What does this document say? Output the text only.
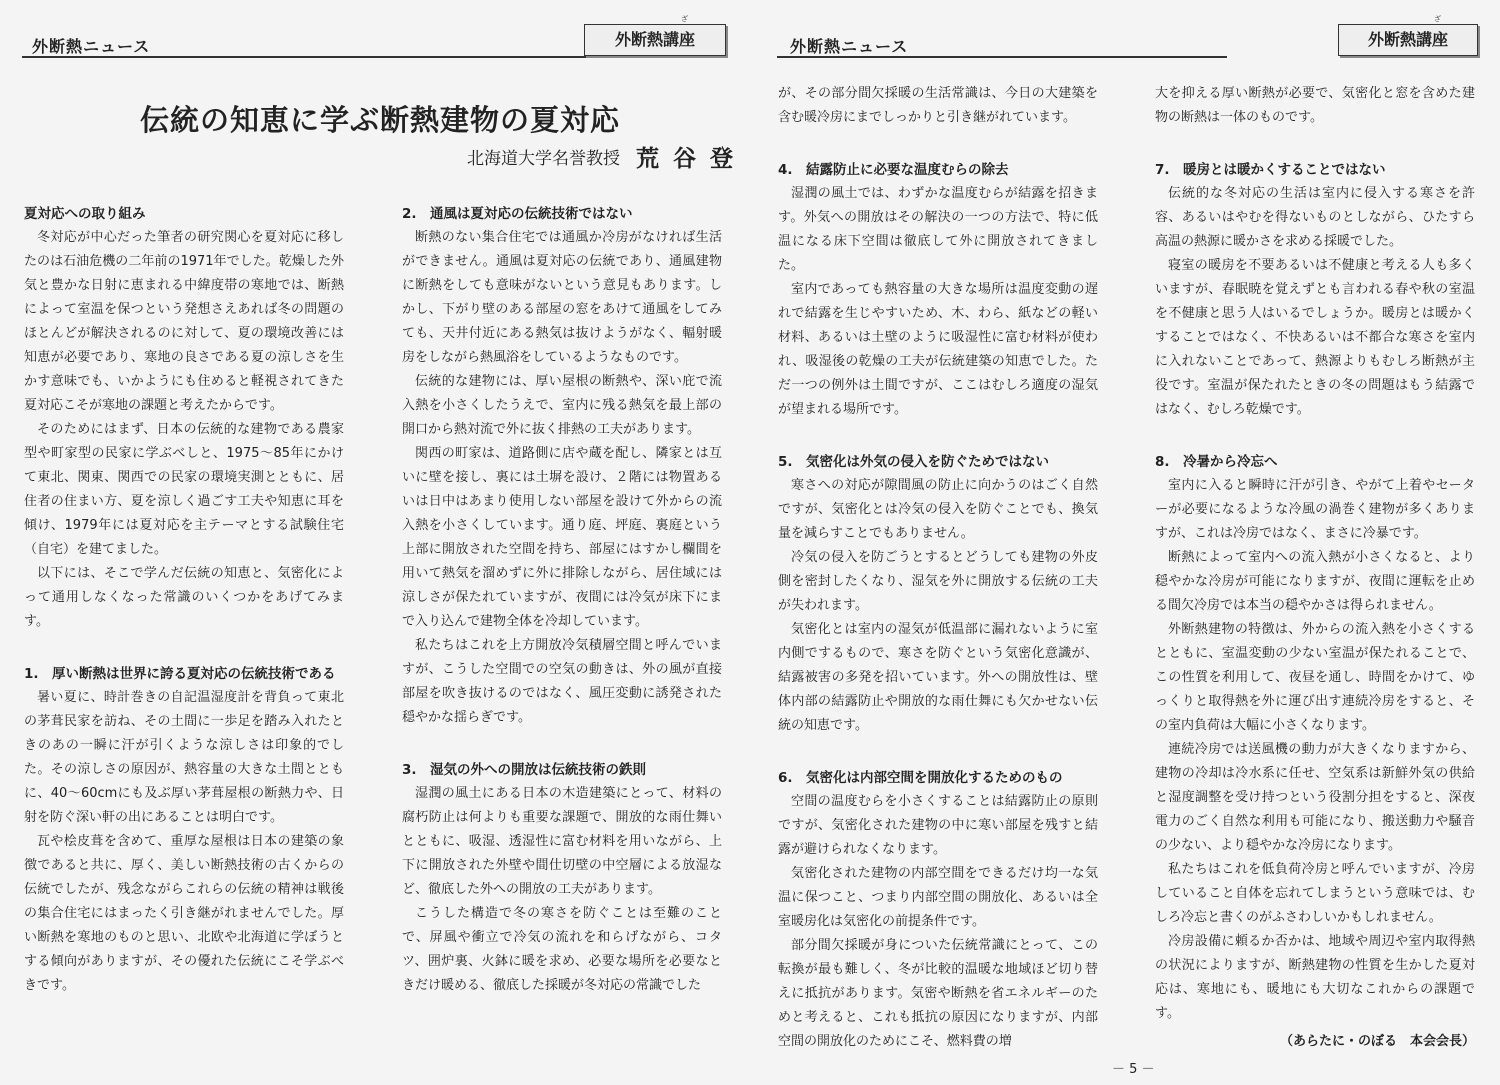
外断熱ニュース	外断熱講座
ざ
伝統の知恵に学ぶ断熱建物の夏対応
北海道大学名誉教授 荒谷登
夏対応への取り組み

冬対応が中心だった筆者の研究関心を夏対応に移したのは石油危機の二年前の1971年でした。乾燥した外気と豊かな日射に恵まれる中緯度帯の寒地では、断熱によって室温を保つという発想さえあれば冬の問題のほとんどが解決されるのに対して、夏の環境改善には知恵が必要であり、寒地の良さである夏の涼しさを生かす意味でも、いかようにも住めると軽視されてきた夏対応こそが寒地の課題と考えたからです。

そのためにはまず、日本の伝統的な建物である農家型や町家型の民家に学ぶべしと、1975～85年にかけて東北、関東、関西での民家の環境実測とともに、居住者の住まい方、夏を涼しく過ごす工夫や知恵に耳を傾け、1979年には夏対応を主テーマとする試験住宅（自宅）を建てました。

以下には、そこで学んだ伝統の知恵と、気密化によって通用しなくなった常識のいくつかをあげてみます。

1.　厚い断熱は世界に誇る夏対応の伝統技術である

暑い夏に、時計巻きの自記温湿度計を背負って東北の茅葺民家を訪ね、その土間に一歩足を踏み入れたときのあの一瞬に汗が引くような涼しさは印象的でした。その涼しさの原因が、熱容量の大きな土間とともに、40～60cmにも及ぶ厚い茅葺屋根の断熱力や、日射を防ぐ深い軒の出にあることは明白です。

瓦や桧皮葺を含めて、重厚な屋根は日本の建築の象徴であると共に、厚く、美しい断熱技術の古くからの伝統でしたが、残念ながらこれらの伝統の精神は戦後の集合住宅にはまったく引き継がれませんでした。厚い断熱を寒地のものと思い、北欧や北海道に学ぼうとする傾向がありますが、その優れた伝統にこそ学ぶべきです。

2.　通風は夏対応の伝統技術ではない

断熱のない集合住宅では通風か冷房がなければ生活ができません。通風は夏対応の伝統であり、通風建物に断熱をしても意味がないという意見もあります。しかし、下がり壁のある部屋の窓をあけて通風をしてみても、天井付近にある熱気は抜けようがなく、輻射暖房をしながら熱風浴をしているようなものです。

伝統的な建物には、厚い屋根の断熱や、深い庇で流入熱を小さくしたうえで、室内に残る熱気を最上部の開口から熱対流で外に抜く排熱の工夫があります。

関西の町家は、道路側に店や蔵を配し、隣家とは互いに壁を接し、裏には土塀を設け、２階には物置あるいは日中はあまり使用しない部屋を設けて外からの流入熱を小さくしています。通り庭、坪庭、裏庭という上部に開放された空間を持ち、部屋にはすかし欄間を用いて熱気を溜めずに外に排除しながら、居住域には涼しさが保たれていますが、夜間には冷気が床下にまで入り込んで建物全体を冷却しています。

私たちはこれを上方開放冷気積層空間と呼んでいますが、こうした空間での空気の動きは、外の風が直接部屋を吹き抜けるのではなく、風圧変動に誘発された穏やかな揺らぎです。

3.　湿気の外への開放は伝統技術の鉄則

湿潤の風土にある日本の木造建築にとって、材料の腐朽防止は何よりも重要な課題で、開放的な雨仕舞いとともに、吸湿、透湿性に富む材料を用いながら、上下に開放された外壁や間仕切壁の中空層による放湿など、徹底した外への開放の工夫があります。

こうした構造で冬の寒さを防ぐことは至難のことで、屏風や衝立で冷気の流れを和らげながら、コタツ、囲炉裏、火鉢に暖を求め、必要な場所を必要なときだけ暖める、徹底した採暖が冬対応の常識でした

外断熱ニュース	外断熱講座
ざ

が、その部分間欠採暖の生活常識は、今日の大建築を含む暖冷房にまでしっかりと引き継がれています。

4.　結露防止に必要な温度むらの除去

湿潤の風土では、わずかな温度むらが結露を招きます。外気への開放はその解決の一つの方法で、特に低温になる床下空間は徹底して外に開放されてきました。

室内であっても熱容量の大きな場所は温度変動の遅れで結露を生じやすいため、木、わら、紙などの軽い材料、あるいは土壁のように吸湿性に富む材料が使われ、吸湿後の乾燥の工夫が伝統建築の知恵でした。ただ一つの例外は土間ですが、ここはむしろ適度の湿気が望まれる場所です。

5.　気密化は外気の侵入を防ぐためではない

寒さへの対応が隙間風の防止に向かうのはごく自然ですが、気密化とは冷気の侵入を防ぐことでも、換気量を減らすことでもありません。

冷気の侵入を防ごうとするとどうしても建物の外皮側を密封したくなり、湿気を外に開放する伝統の工夫が失われます。

気密化とは室内の湿気が低温部に漏れないように室内側でするもので、寒さを防ぐという気密化意識が、結露被害の多発を招いています。外への開放性は、壁体内部の結露防止や開放的な雨仕舞にも欠かせない伝統の知恵です。

6.　気密化は内部空間を開放化するためのもの

空間の温度むらを小さくすることは結露防止の原則ですが、気密化された建物の中に寒い部屋を残すと結露が避けられなくなります。

気密化された建物の内部空間をできるだけ均一な気温に保つこと、つまり内部空間の開放化、あるいは全室暖房化は気密化の前提条件です。

部分間欠採暖が身についた伝統常識にとって、この転換が最も難しく、冬が比較的温暖な地域ほど切り替えに抵抗があります。気密や断熱を省エネルギーのためと考えると、これも抵抗の原因になりますが、内部空間の開放化のためにこそ、燃料費の増

大を抑える厚い断熱が必要で、気密化と窓を含めた建物の断熱は一体のものです。

7.　暖房とは暖かくすることではない

伝統的な冬対応の生活は室内に侵入する寒さを許容、あるいはやむを得ないものとしながら、ひたすら高温の熱源に暖かさを求める採暖でした。

寝室の暖房を不要あるいは不健康と考える人も多くいますが、春眠暁を覚えずとも言われる春や秋の室温を不健康と思う人はいるでしょうか。暖房とは暖かくすることではなく、不快あるいは不都合な寒さを室内に入れないことであって、熱源よりもむしろ断熱が主役です。室温が保たれたときの冬の問題はもう結露ではなく、むしろ乾燥です。

8.　冷暑から冷忘へ

室内に入ると瞬時に汗が引き、やがて上着やセーターが必要になるような冷風の渦巻く建物が多くありますが、これは冷房ではなく、まさに冷暴です。

断熱によって室内への流入熱が小さくなると、より穏やかな冷房が可能になりますが、夜間に運転を止める間欠冷房では本当の穏やかさは得られません。

外断熱建物の特徴は、外からの流入熱を小さくするとともに、室温変動の少ない室温が保たれることで、この性質を利用して、夜昼を通し、時間をかけて、ゆっくりと取得熱を外に運び出す連続冷房をすると、その室内負荷は大幅に小さくなります。

連続冷房では送風機の動力が大きくなりますから、建物の冷却は冷水系に任せ、空気系は新鮮外気の供給と湿度調整を受け持つという役割分担をすると、深夜電力のごく自然な利用も可能になり、搬送動力や騒音の少ない、より穏やかな冷房になります。

私たちはこれを低負荷冷房と呼んでいますが、冷房していること自体を忘れてしまうという意味では、むしろ冷忘と書くのがふさわしいかもしれません。

冷房設備に頼るか否かは、地域や周辺や室内取得熱の状況によりますが、断熱建物の性質を生かした夏対応は、寒地にも、暖地にも大切なこれからの課題です。

（あらたに・のぼる　本会会長）

－ 5 －
